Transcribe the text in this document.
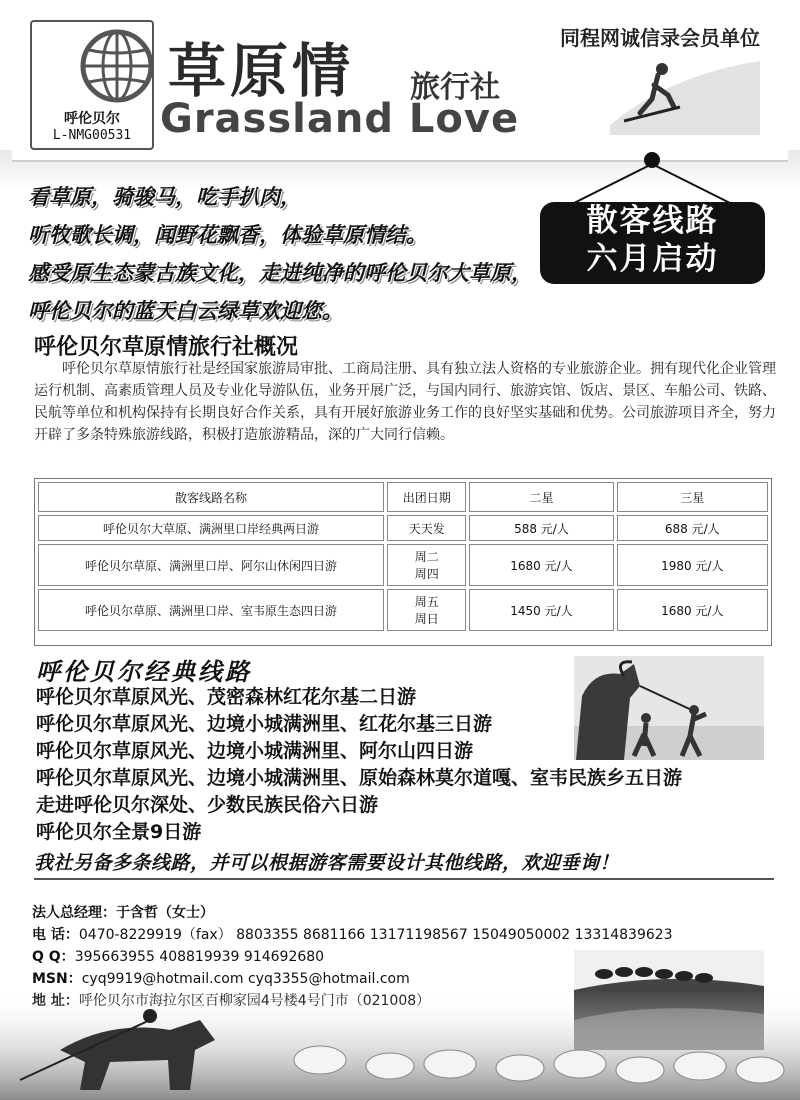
呼伦贝尔
L-NMG00531
草原情 旅行社
Grassland Love
同程网诚信录会员单位
看草原，骑骏马，吃手扒肉，
听牧歌长调，闻野花飘香，体验草原情结。
感受原生态蒙古族文化，走进纯净的呼伦贝尔大草原，
呼伦贝尔的蓝天白云绿草欢迎您。
散客线路
六月启动
呼伦贝尔草原情旅行社概况
呼伦贝尔草原情旅行社是经国家旅游局审批、工商局注册、具有独立法人资格的专业旅游企业。拥有现代化企业管理运行机制、高素质管理人员及专业化导游队伍，业务开展广泛，与国内同行、旅游宾馆、饭店、景区、车船公司、铁路、民航等单位和机构保持有长期良好合作关系，具有开展好旅游业务工作的良好坚实基础和优势。公司旅游项目齐全，努力开辟了多条特殊旅游线路，积极打造旅游精品，深的广大同行信赖。
散客线路名称	出团日期	二星	三星
呼伦贝尔大草原、满洲里口岸经典两日游	天天发	588 元/人	688 元/人
呼伦贝尔草原、满洲里口岸、阿尔山休闲四日游	周二
周四	1680 元/人	1980 元/人
呼伦贝尔草原、满洲里口岸、室韦原生态四日游	周五
周日	1450 元/人	1680 元/人
呼伦贝尔经典线路
呼伦贝尔草原风光、茂密森林红花尔基二日游
呼伦贝尔草原风光、边境小城满洲里、红花尔基三日游
呼伦贝尔草原风光、边境小城满洲里、阿尔山四日游
呼伦贝尔草原风光、边境小城满洲里、原始森林莫尔道嘎、室韦民族乡五日游
走进呼伦贝尔深处、少数民族民俗六日游
呼伦贝尔全景9日游
我社另备多条线路，并可以根据游客需要设计其他线路，欢迎垂询！
法人总经理：于含哲（女士）
电 话：0470-8229919（fax） 8803355 8681166 13171198567 15049050002 13314839623
Q Q：395663955 408819939 914692680
MSN：cyq9919@hotmail.com cyq3355@hotmail.com
